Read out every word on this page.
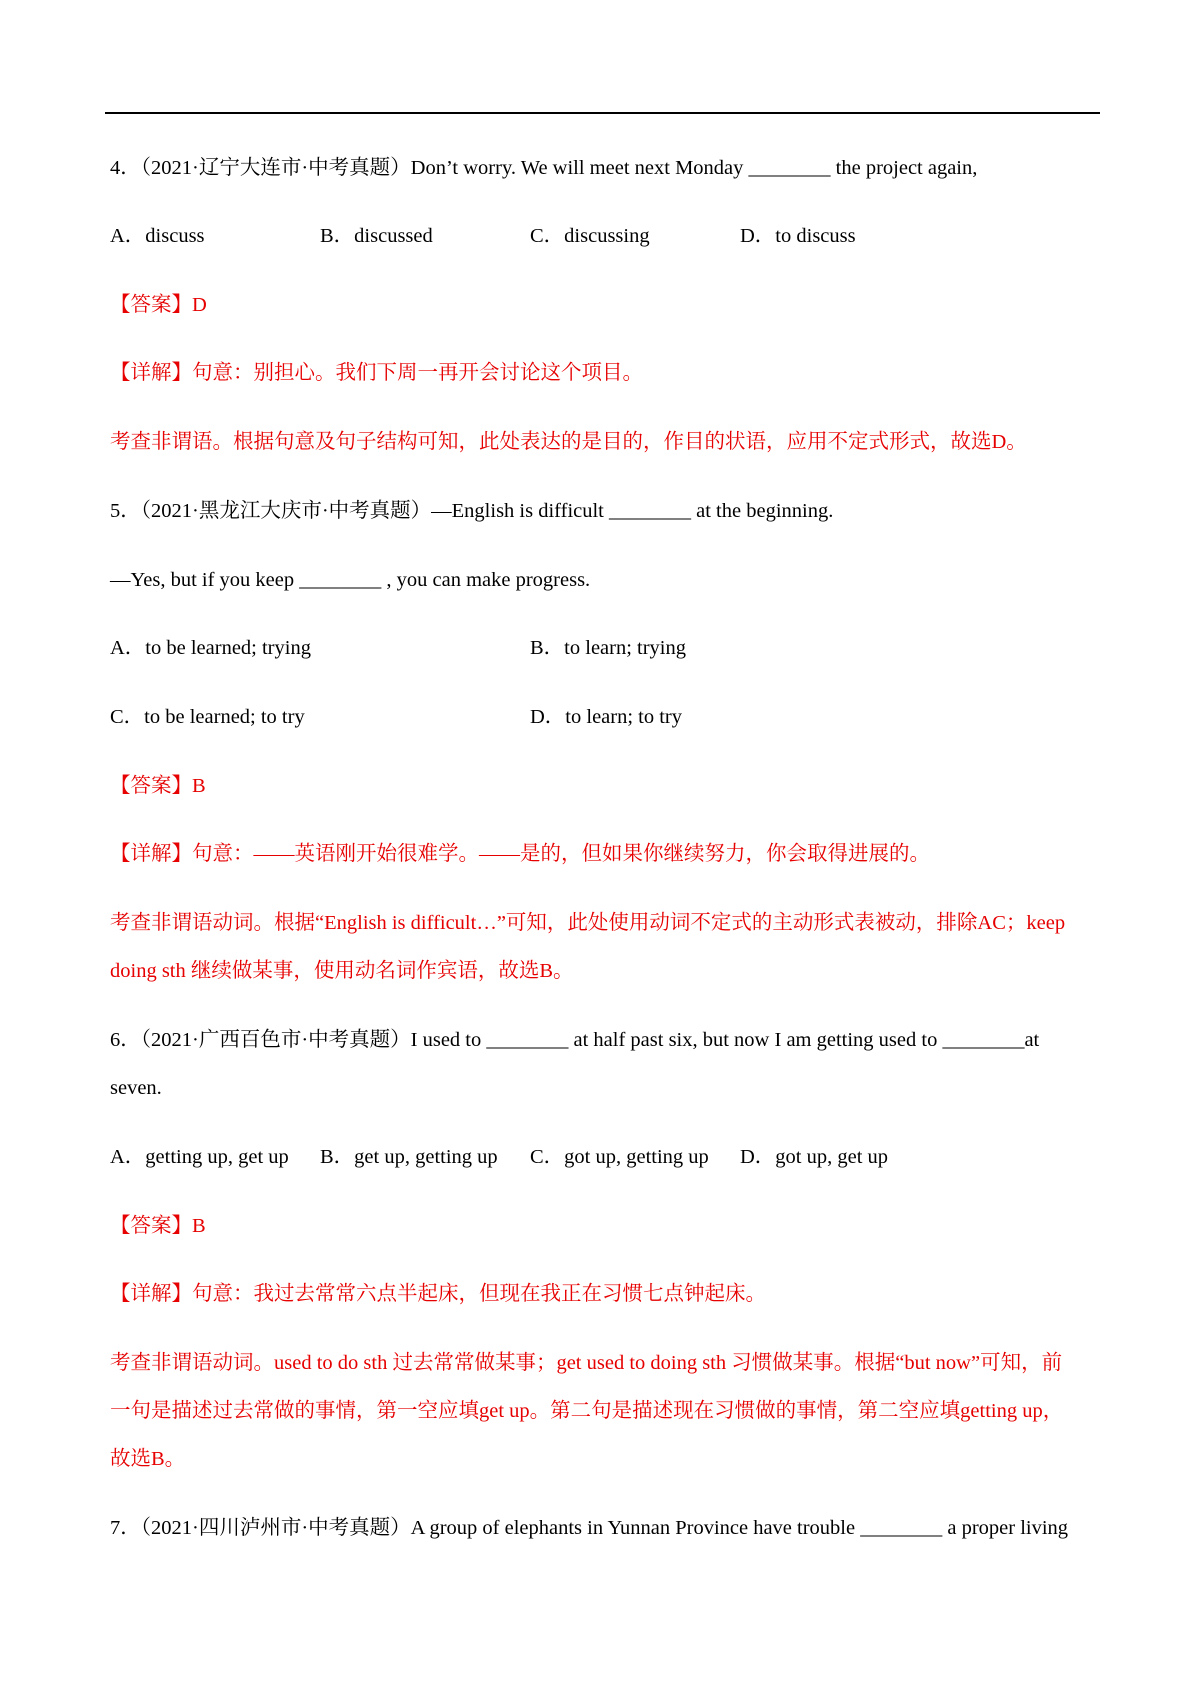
4．（2021·辽宁大连市·中考真题）Don’t worry. We will meet next Monday ________ the project again,
A．discuss	B．discussed	C．discussing	D．to discuss
【答案】D
【详解】句意：别担心。我们下周一再开会讨论这个项目。
考查非谓语。根据句意及句子结构可知，此处表达的是目的，作目的状语，应用不定式形式，故选D。
5．（2021·黑龙江大庆市·中考真题）—English is difficult ________ at the beginning.
—Yes, but if you keep ________ , you can make progress.
A．to be learned; trying	B．to learn; trying
C．to be learned; to try	D．to learn; to try
【答案】B
【详解】句意：——英语刚开始很难学。——是的，但如果你继续努力，你会取得进展的。
考查非谓语动词。根据“English is difficult…”可知，此处使用动词不定式的主动形式表被动，排除AC；keep
doing sth 继续做某事，使用动名词作宾语，故选B。
6．（2021·广西百色市·中考真题）I used to ________ at half past six, but now I am getting used to ________at
seven.
A．getting up, get up B．get up, getting up C．got up, getting up D．got up, get up
【答案】B
【详解】句意：我过去常常六点半起床，但现在我正在习惯七点钟起床。
考查非谓语动词。used to do sth 过去常常做某事；get used to doing sth 习惯做某事。根据“but now”可知，前
一句是描述过去常做的事情，第一空应填get up。第二句是描述现在习惯做的事情，第二空应填getting up，
故选B。
7．（2021·四川泸州市·中考真题）A group of elephants in Yunnan Province have trouble ________ a proper living
